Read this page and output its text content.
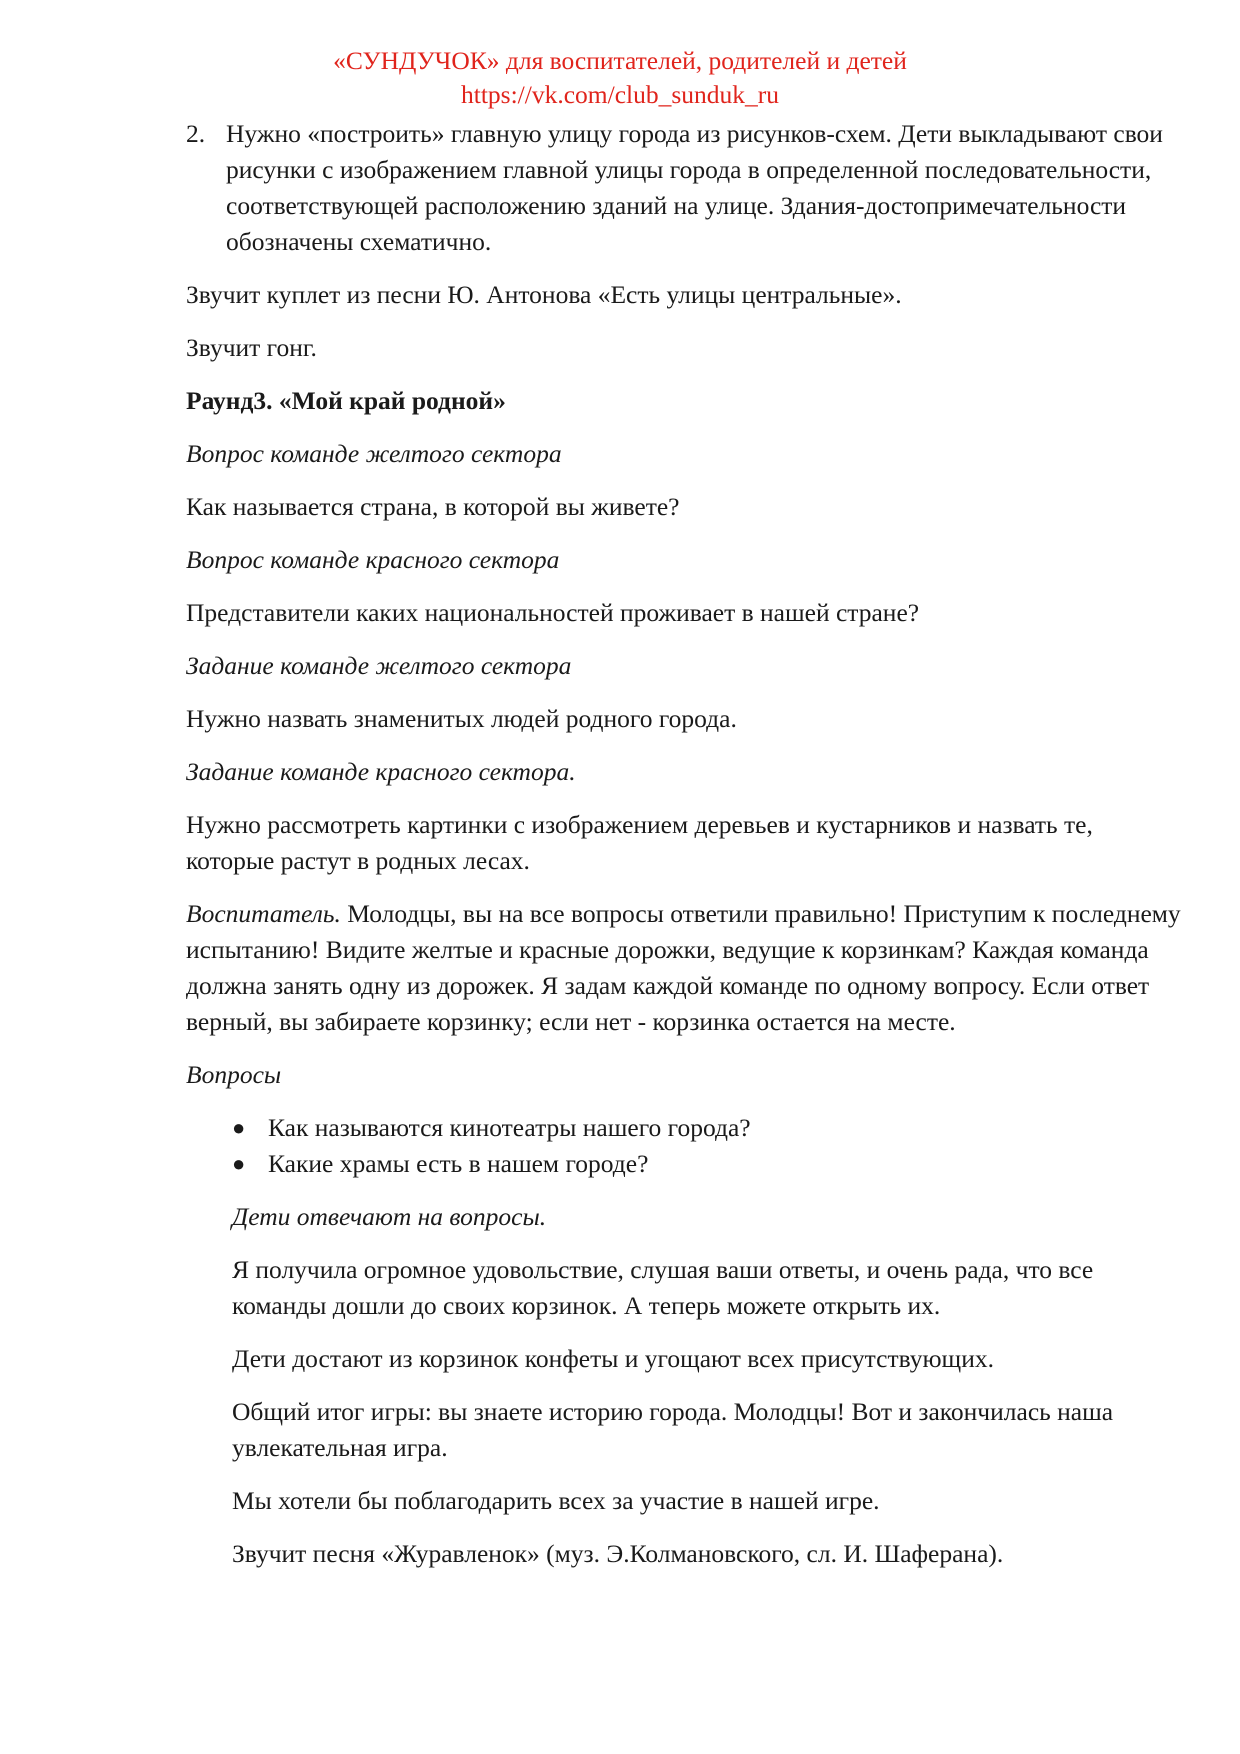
«СУНДУЧОК» для воспитателей, родителей и детей
https://vk.com/club_sunduk_ru
2. Нужно «построить» главную улицу города из рисунков-схем. Дети выкладывают свои рисунки с изображением главной улицы города в определенной последовательности, соответствующей расположению зданий на улице. Здания-достопримечательности обозначены схематично.

Звучит куплет из песни Ю. Антонова «Есть улицы центральные».

Звучит гонг.

Раунд3. «Мой край родной»

Вопрос команде желтого сектора

Как называется страна, в которой вы живете?

Вопрос команде красного сектора

Представители каких национальностей проживает в нашей стране?

Задание команде желтого сектора

Нужно назвать знаменитых людей родного города.

Задание команде красного сектора.

Нужно рассмотреть картинки с изображением деревьев и кустарников и назвать те, которые растут в родных лесах.

Воспитатель. Молодцы, вы на все вопросы ответили правильно! Приступим к последнему испытанию! Видите желтые и красные дорожки, ведущие к корзинкам? Каждая команда должна занять одну из дорожек. Я задам каждой команде по одному вопросу. Если ответ верный, вы забираете корзинку; если нет - корзинка остается на месте.

Вопросы

● Как называются кинотеатры нашего города?
● Какие храмы есть в нашем городе?

Дети отвечают на вопросы.

Я получила огромное удовольствие, слушая ваши ответы, и очень рада, что все команды дошли до своих корзинок. А теперь можете открыть их.

Дети достают из корзинок конфеты и угощают всех присутствующих.

Общий итог игры: вы знаете историю города. Молодцы! Вот и закончилась наша увлекательная игра.

Мы хотели бы поблагодарить всех за участие в нашей игре.

Звучит песня «Журавленок» (муз. Э.Колмановского, сл. И. Шаферана).
